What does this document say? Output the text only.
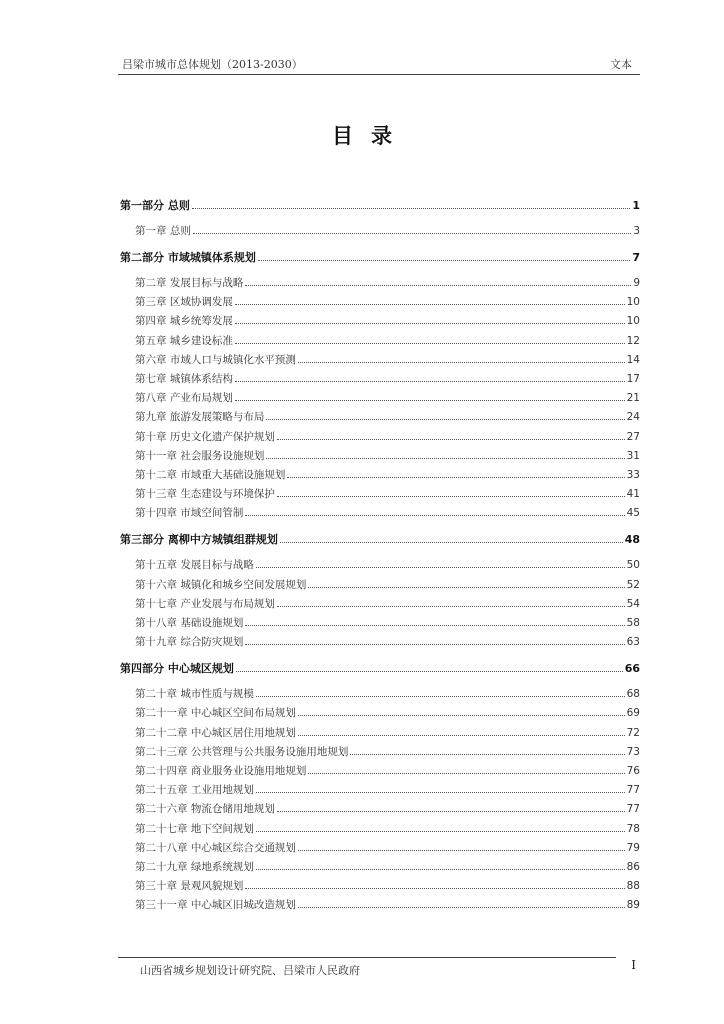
吕梁市城市总体规划（2013-2030）	文本
目录
第一部分 总则	1
第一章 总则	3
第二部分 市域城镇体系规划	7
第二章 发展目标与战略	9
第三章 区域协调发展	10
第四章 城乡统筹发展	10
第五章 城乡建设标准	12
第六章 市域人口与城镇化水平预测	14
第七章 城镇体系结构	17
第八章 产业布局规划	21
第九章 旅游发展策略与布局	24
第十章 历史文化遗产保护规划	27
第十一章 社会服务设施规划	31
第十二章 市域重大基础设施规划	33
第十三章 生态建设与环境保护	41
第十四章 市域空间管制	45
第三部分 离柳中方城镇组群规划	48
第十五章 发展目标与战略	50
第十六章 城镇化和城乡空间发展规划	52
第十七章 产业发展与布局规划	54
第十八章 基础设施规划	58
第十九章 综合防灾规划	63
第四部分 中心城区规划	66
第二十章 城市性质与规模	68
第二十一章 中心城区空间布局规划	69
第二十二章 中心城区居住用地规划	72
第二十三章 公共管理与公共服务设施用地规划	73
第二十四章 商业服务业设施用地规划	76
第二十五章 工业用地规划	77
第二十六章 物流仓储用地规划	77
第二十七章 地下空间规划	78
第二十八章 中心城区综合交通规划	79
第二十九章 绿地系统规划	86
第三十章 景观风貌规划	88
第三十一章 中心城区旧城改造规划	89
山西省城乡规划设计研究院、吕梁市人民政府	I
